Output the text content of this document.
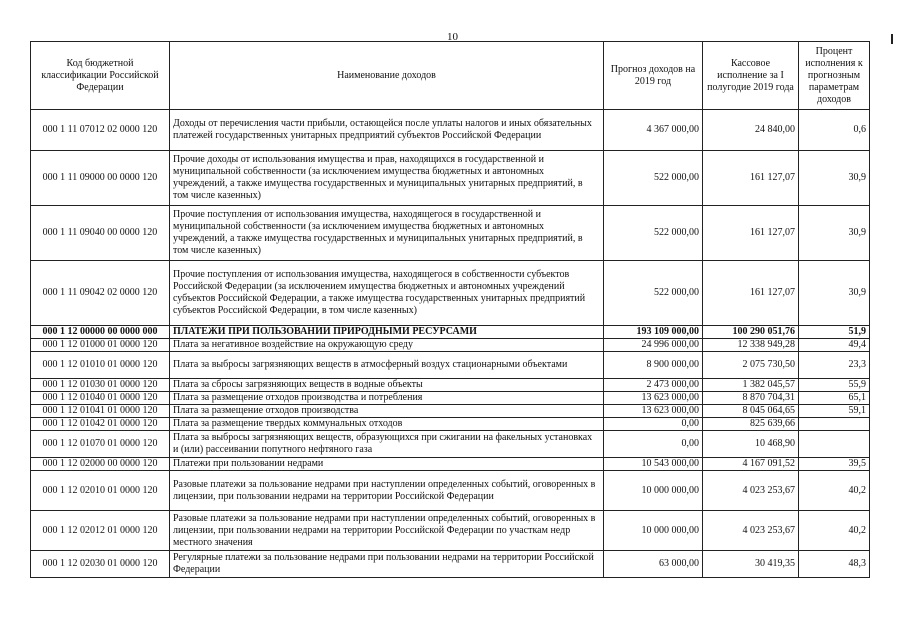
10
Код бюджетной классификации Российской Федерации	Наименование доходов	Прогноз доходов на 2019 год	Кассовое исполнение за I полугодие 2019 года	Процент исполнения к прогнозным параметрам доходов
000 1 11 07012 02 0000 120	Доходы от перечисления части прибыли, остающейся после уплаты налогов и иных обязательных платежей государственных унитарных предприятий субъектов Российской Федерации	4 367 000,00	24 840,00	0,6
000 1 11 09000 00 0000 120	Прочие доходы от использования имущества и прав, находящихся в государственной и муниципальной собственности (за исключением имущества бюджетных и автономных учреждений, а также имущества государственных и муниципальных унитарных предприятий, в том числе казенных)	522 000,00	161 127,07	30,9
000 1 11 09040 00 0000 120	Прочие поступления от использования имущества, находящегося в государственной и муниципальной собственности (за исключением имущества бюджетных и автономных учреждений, а также имущества государственных и муниципальных унитарных предприятий, в том числе казенных)	522 000,00	161 127,07	30,9
000 1 11 09042 02 0000 120	Прочие поступления от использования имущества, находящегося в собственности субъектов Российской Федерации (за исключением имущества бюджетных и автономных учреждений субъектов Российской Федерации, а также имущества государственных унитарных предприятий субъектов Российской Федерации, в том числе казенных)	522 000,00	161 127,07	30,9
000 1 12 00000 00 0000 000	ПЛАТЕЖИ ПРИ ПОЛЬЗОВАНИИ ПРИРОДНЫМИ РЕСУРСАМИ	193 109 000,00	100 290 051,76	51,9
000 1 12 01000 01 0000 120	Плата за негативное воздействие на окружающую среду	24 996 000,00	12 338 949,28	49,4
000 1 12 01010 01 0000 120	Плата за выбросы загрязняющих веществ в атмосферный воздух стационарными объектами	8 900 000,00	2 075 730,50	23,3
000 1 12 01030 01 0000 120	Плата за сбросы загрязняющих веществ в водные объекты	2 473 000,00	1 382 045,57	55,9
000 1 12 01040 01 0000 120	Плата за размещение отходов производства и потребления	13 623 000,00	8 870 704,31	65,1
000 1 12 01041 01 0000 120	Плата за размещение отходов производства	13 623 000,00	8 045 064,65	59,1
000 1 12 01042 01 0000 120	Плата за размещение твердых коммунальных отходов	0,00	825 639,66	
000 1 12 01070 01 0000 120	Плата за выбросы загрязняющих веществ, образующихся при сжигании на факельных установках и (или) рассеивании попутного нефтяного газа	0,00	10 468,90	
000 1 12 02000 00 0000 120	Платежи при пользовании недрами	10 543 000,00	4 167 091,52	39,5
000 1 12 02010 01 0000 120	Разовые платежи за пользование недрами при наступлении определенных событий, оговоренных в лицензии, при пользовании недрами на территории Российской Федерации	10 000 000,00	4 023 253,67	40,2
000 1 12 02012 01 0000 120	Разовые платежи за пользование недрами при наступлении определенных событий, оговоренных в лицензии, при пользовании недрами на территории Российской Федерации по участкам недр местного значения	10 000 000,00	4 023 253,67	40,2
000 1 12 02030 01 0000 120	Регулярные платежи за пользование недрами при пользовании недрами на территории Российской Федерации	63 000,00	30 419,35	48,3
